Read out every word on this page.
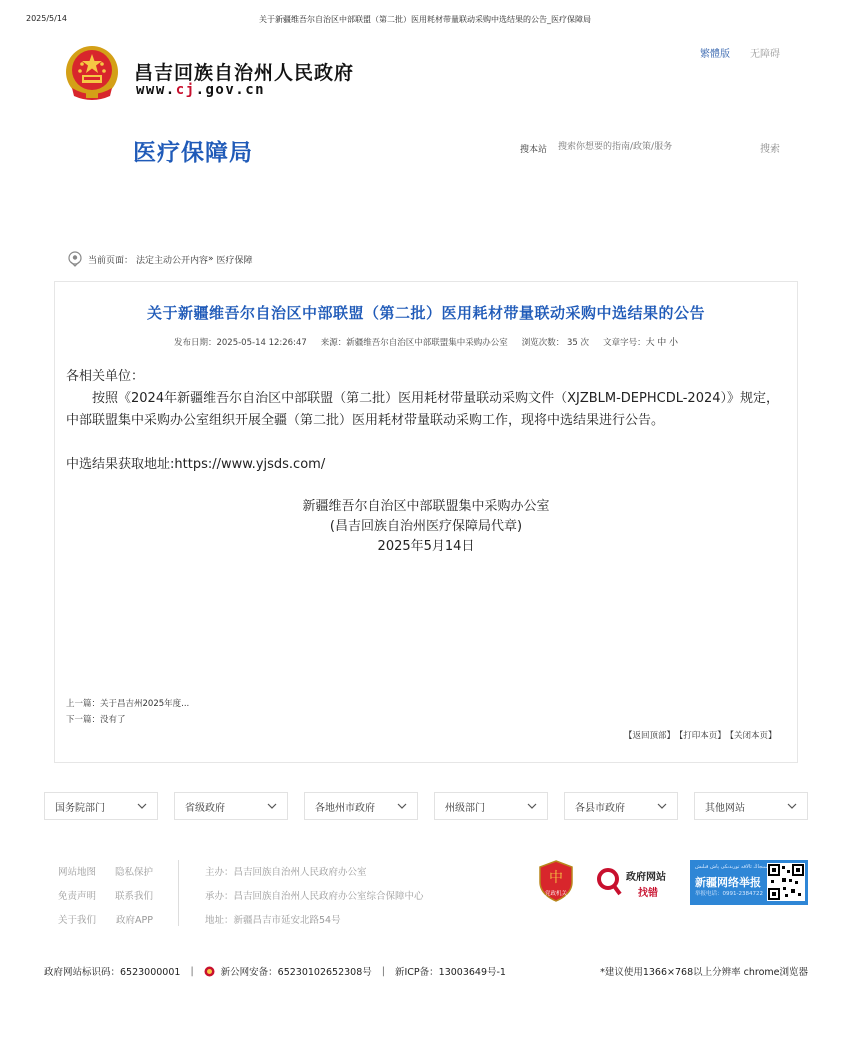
2025/5/14	关于新疆维吾尔自治区中部联盟（第二批）医用耗材带量联动采购中选结果的公告_医疗保障局
昌吉回族自治州人民政府
www.cj.gov.cn
繁體版 无障碍
医疗保障局	搜本站
搜索你想要的指南/政策/服务	搜索
当前页面： 法定主动公开内容 » 医疗保障
关于新疆维吾尔自治区中部联盟（第二批）医用耗材带量联动采购中选结果的公告
发布日期：2025-05-14 12:26:47 来源：新疆维吾尔自治区中部联盟集中采购办公室 浏览次数： 35 次 文章字号：大 中 小
各相关单位：
按照《2024年新疆维吾尔自治区中部联盟（第二批）医用耗材带量联动采购文件（XJZBLM-DEPHCDL-2024）》规定，中部联盟集中采购办公室组织开展全疆（第二批）医用耗材带量联动采购工作，现将中选结果进行公告。
中选结果获取地址:https://www.yjsds.com/
新疆维吾尔自治区中部联盟集中采购办公室
(昌吉回族自治州医疗保障局代章)
2025年5月14日
上一篇：关于昌吉州2025年度...
下一篇：没有了
【返回顶部】 【打印本页】 【关闭本页】
国务院部门	省级政府	各地州市政府	州级部门	各县市政府	其他网站
网站地图 隐私保护
免责声明 联系我们
关于我们 政府APP
主办：昌吉回族自治州人民政府办公室
承办：昌吉回族自治州人民政府办公室综合保障中心
地址：新疆昌吉市延安北路54号
中
党政机关
政府网站
找错
شىنجاڭ ئالاقە تورىدىكى پاش قىلىش
新疆网络举报
举报电话：0991-2384722
政府网站标识码：6523000001 |	新公网安备：65230102652308号 | 新ICP备：13003649号-1	*建议使用1366×768以上分辨率 chrome浏览器
